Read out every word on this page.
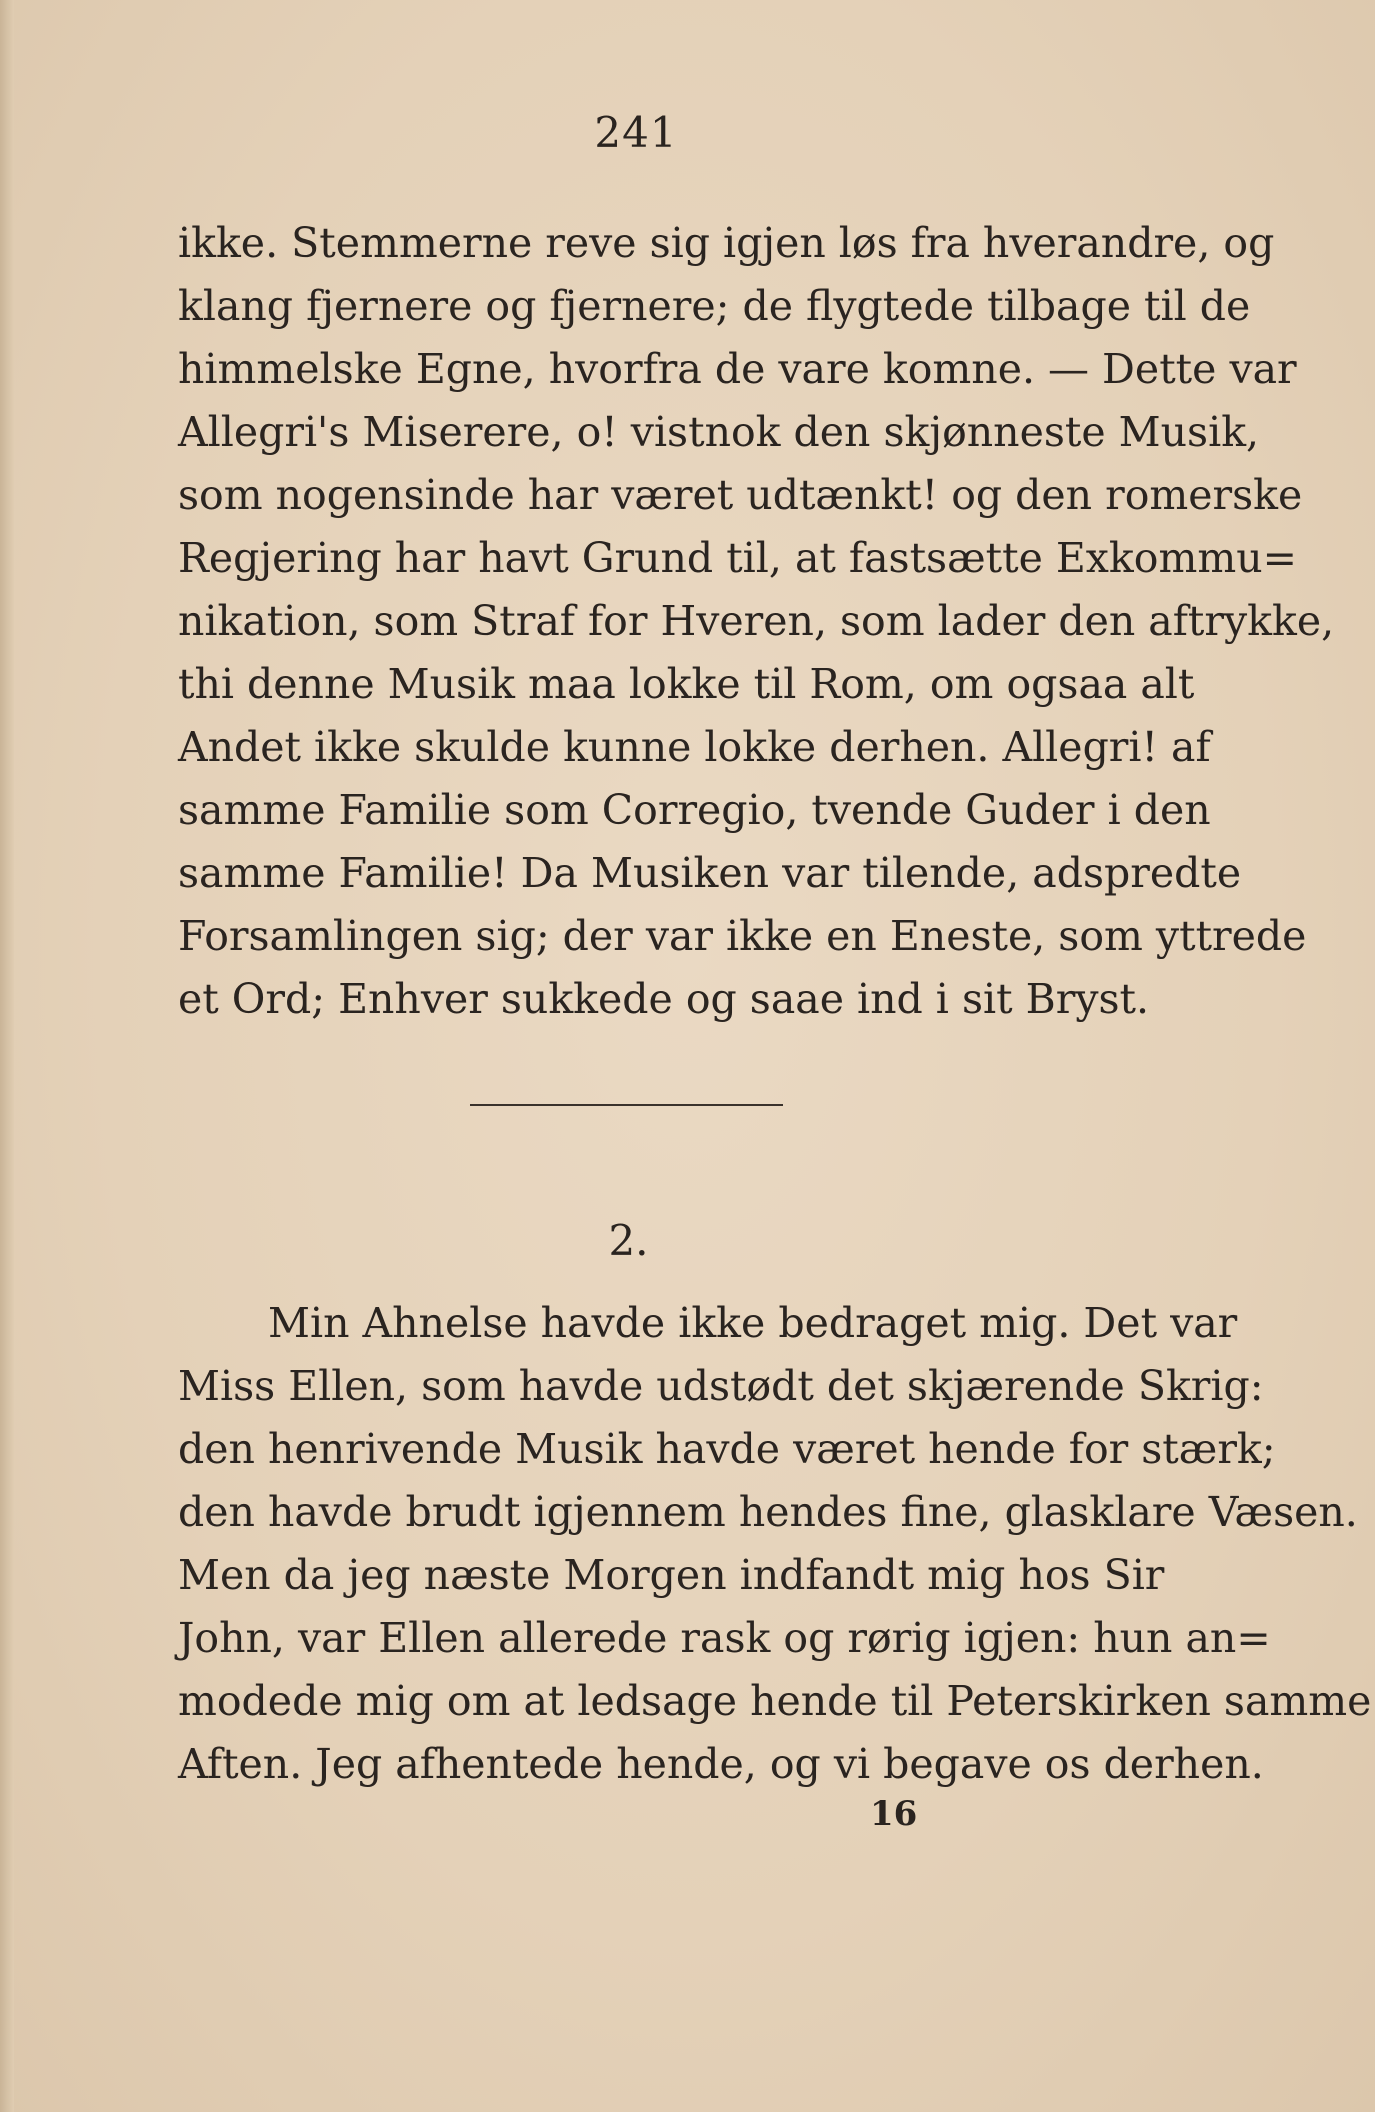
241
ikke. Stemmerne reve sig igjen løs fra hverandre, og
klang fjernere og fjernere; de flygtede tilbage til de
himmelske Egne, hvorfra de vare komne. — Dette var
Allegri's Miserere, o! vistnok den skjønneste Musik,
som nogensinde har været udtænkt! og den romerske
Regjering har havt Grund til, at fastsætte Exkommu=
nikation, som Straf for Hveren, som lader den aftrykke,
thi denne Musik maa lokke til Rom, om ogsaa alt
Andet ikke skulde kunne lokke derhen. Allegri! af
samme Familie som Corregio, tvende Guder i den
samme Familie! Da Musiken var tilende, adspredte
Forsamlingen sig; der var ikke en Eneste, som yttrede
et Ord; Enhver sukkede og saae ind i sit Bryst.
2.
Min Ahnelse havde ikke bedraget mig. Det var
Miss Ellen, som havde udstødt det skjærende Skrig:
den henrivende Musik havde været hende for stærk;
den havde brudt igjennem hendes fine, glasklare Væsen.
Men da jeg næste Morgen indfandt mig hos Sir
John, var Ellen allerede rask og rørig igjen: hun an=
modede mig om at ledsage hende til Peterskirken samme
Aften. Jeg afhentede hende, og vi begave os derhen.
16
